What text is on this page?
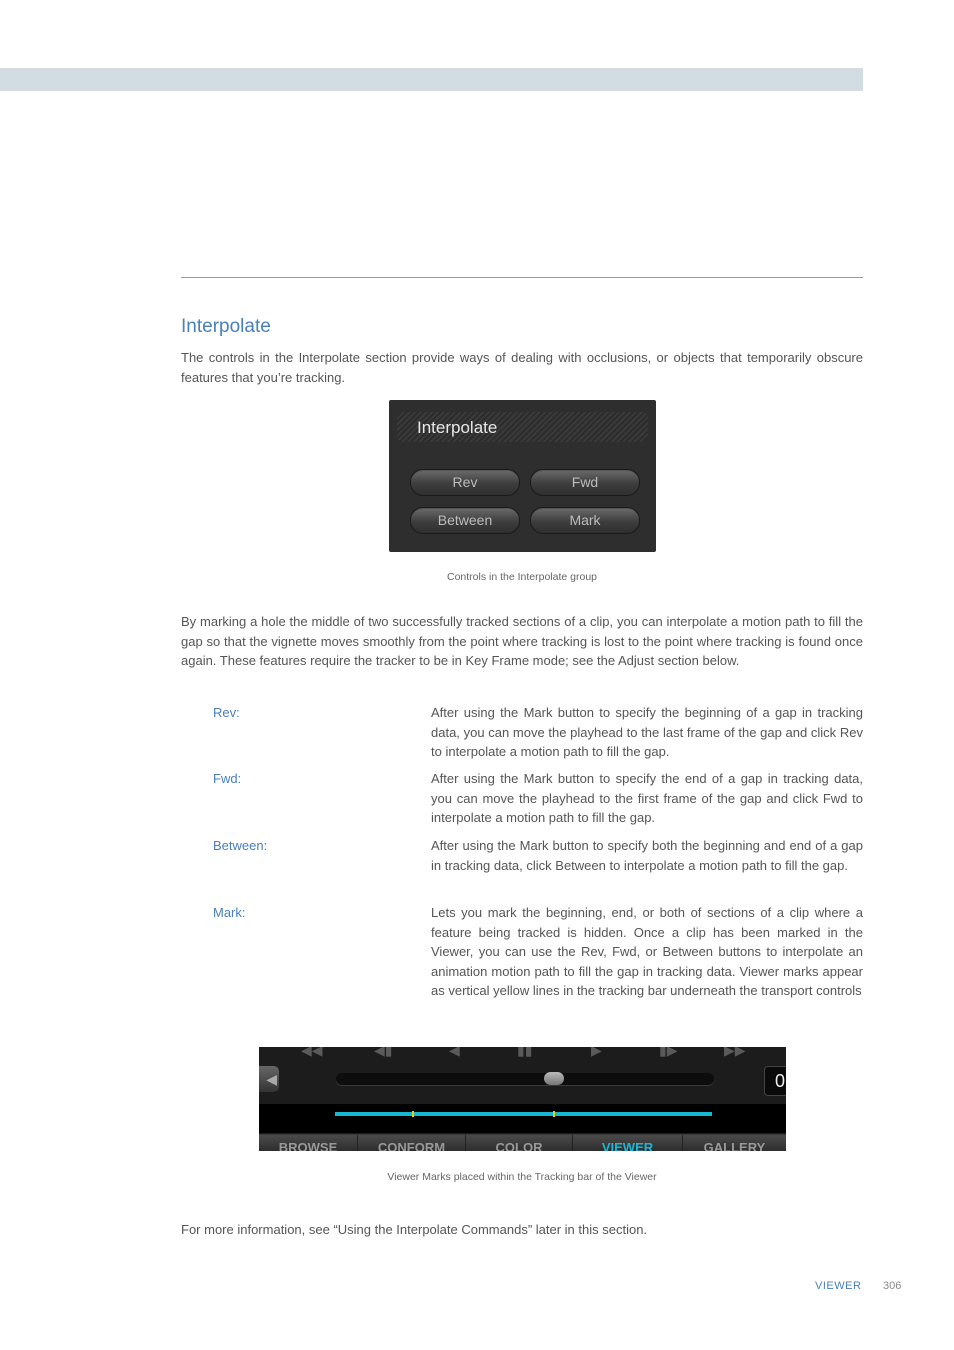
Interpolate

The controls in the Interpolate section provide ways of dealing with occlusions, or objects that temporarily obscure features that you’re tracking.

Interpolate
Rev	Fwd
Between	Mark
Controls in the Interpolate group

By marking a hole the middle of two successfully tracked sections of a clip, you can interpolate a motion path to fill the gap so that the vignette moves smoothly from the point where tracking is lost to the point where tracking is found once again. These features require the tracker to be in Key Frame mode; see the Adjust section below.

Rev:	After using the Mark button to specify the beginning of a gap in tracking data, you can move the playhead to the last frame of the gap and click Rev to interpolate a motion path to fill the gap.

Fwd:	After using the Mark button to specify the end of a gap in tracking data, you can move the playhead to the first frame of the gap and click Fwd to interpolate a motion path to fill the gap.

Between:	After using the Mark button to specify both the beginning and end of a gap in tracking data, click Between to interpolate a motion path to fill the gap.

Mark:	Lets you mark the beginning, end, or both of sections of a clip where a feature being tracked is hidden. Once a clip has been marked in the Viewer, you can use the Rev, Fwd, or Between buttons to interpolate an animation motion path to fill the gap in tracking data. Viewer marks appear as vertical yellow lines in the tracking bar underneath the transport controls

◀◀	◀▮	◀	▮▮	▶	▮▶	▶▶
◀	0
BROWSE	CONFORM	COLOR	VIEWER	GALLERY
Viewer Marks placed within the Tracking bar of the Viewer

For more information, see “Using the Interpolate Commands” later in this section.

VIEWER 306
